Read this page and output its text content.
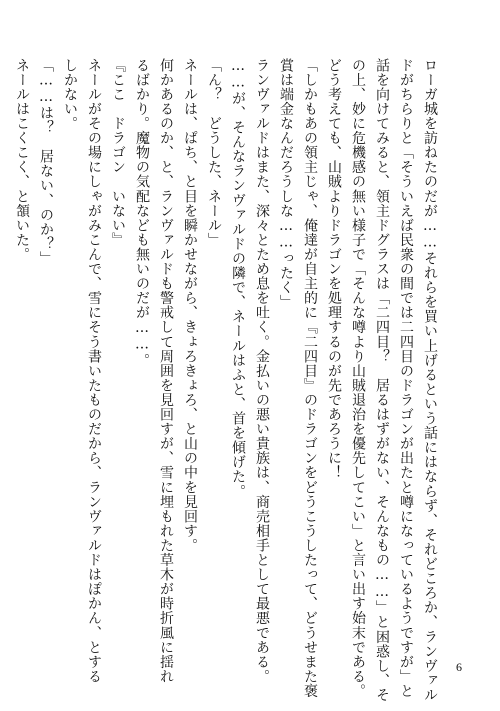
ローガ城を訪ねたのだが……それらを買い上げるという話にはならず、それどころか、ランヴァル

ドがちらりと「そういえば民衆の間では二四目のドラゴンが出たと噂になっているようですが」と

話を向けてみると、領主ドグラスは「二四目？　居るはずがない、そんなもの……」と困惑し、そ

の上、妙に危機感の無い様子で「そんな噂より山賊退治を優先してこい」と言い出す始末である。

どう考えても、山賊よりドラゴンを処理するのが先であろうに！

「しかもあの領主じゃ、俺達が自主的に『二四目』のドラゴンをどうこうしたって、どうせまた褒

賞は端金なんだろうしな……ったく」

ランヴァルドはまた、深々とため息を吐く。金払いの悪い貴族は、商売相手として最悪である。

……が、そんなランヴァルドの隣で、ネールはふと、首を傾げた。

「ん？　どうした、ネール」

ネールは、ぱち、と目を瞬かせながら、きょろきょろ、と山の中を見回す。

何かあるのか、と、ランヴァルドも警戒して周囲を見回すが、雪に埋もれた草木が時折風に揺れ

るばかり。魔物の気配なども無いのだが……。

『ここ　ドラゴン　いない』

ネールがその場にしゃがみこんで、雪にそう書いたものだから、ランヴァルドはぽかん、とする

しかない。

「……は？　居ない、のか？」

ネールはこくこく、と頷いた。

6
